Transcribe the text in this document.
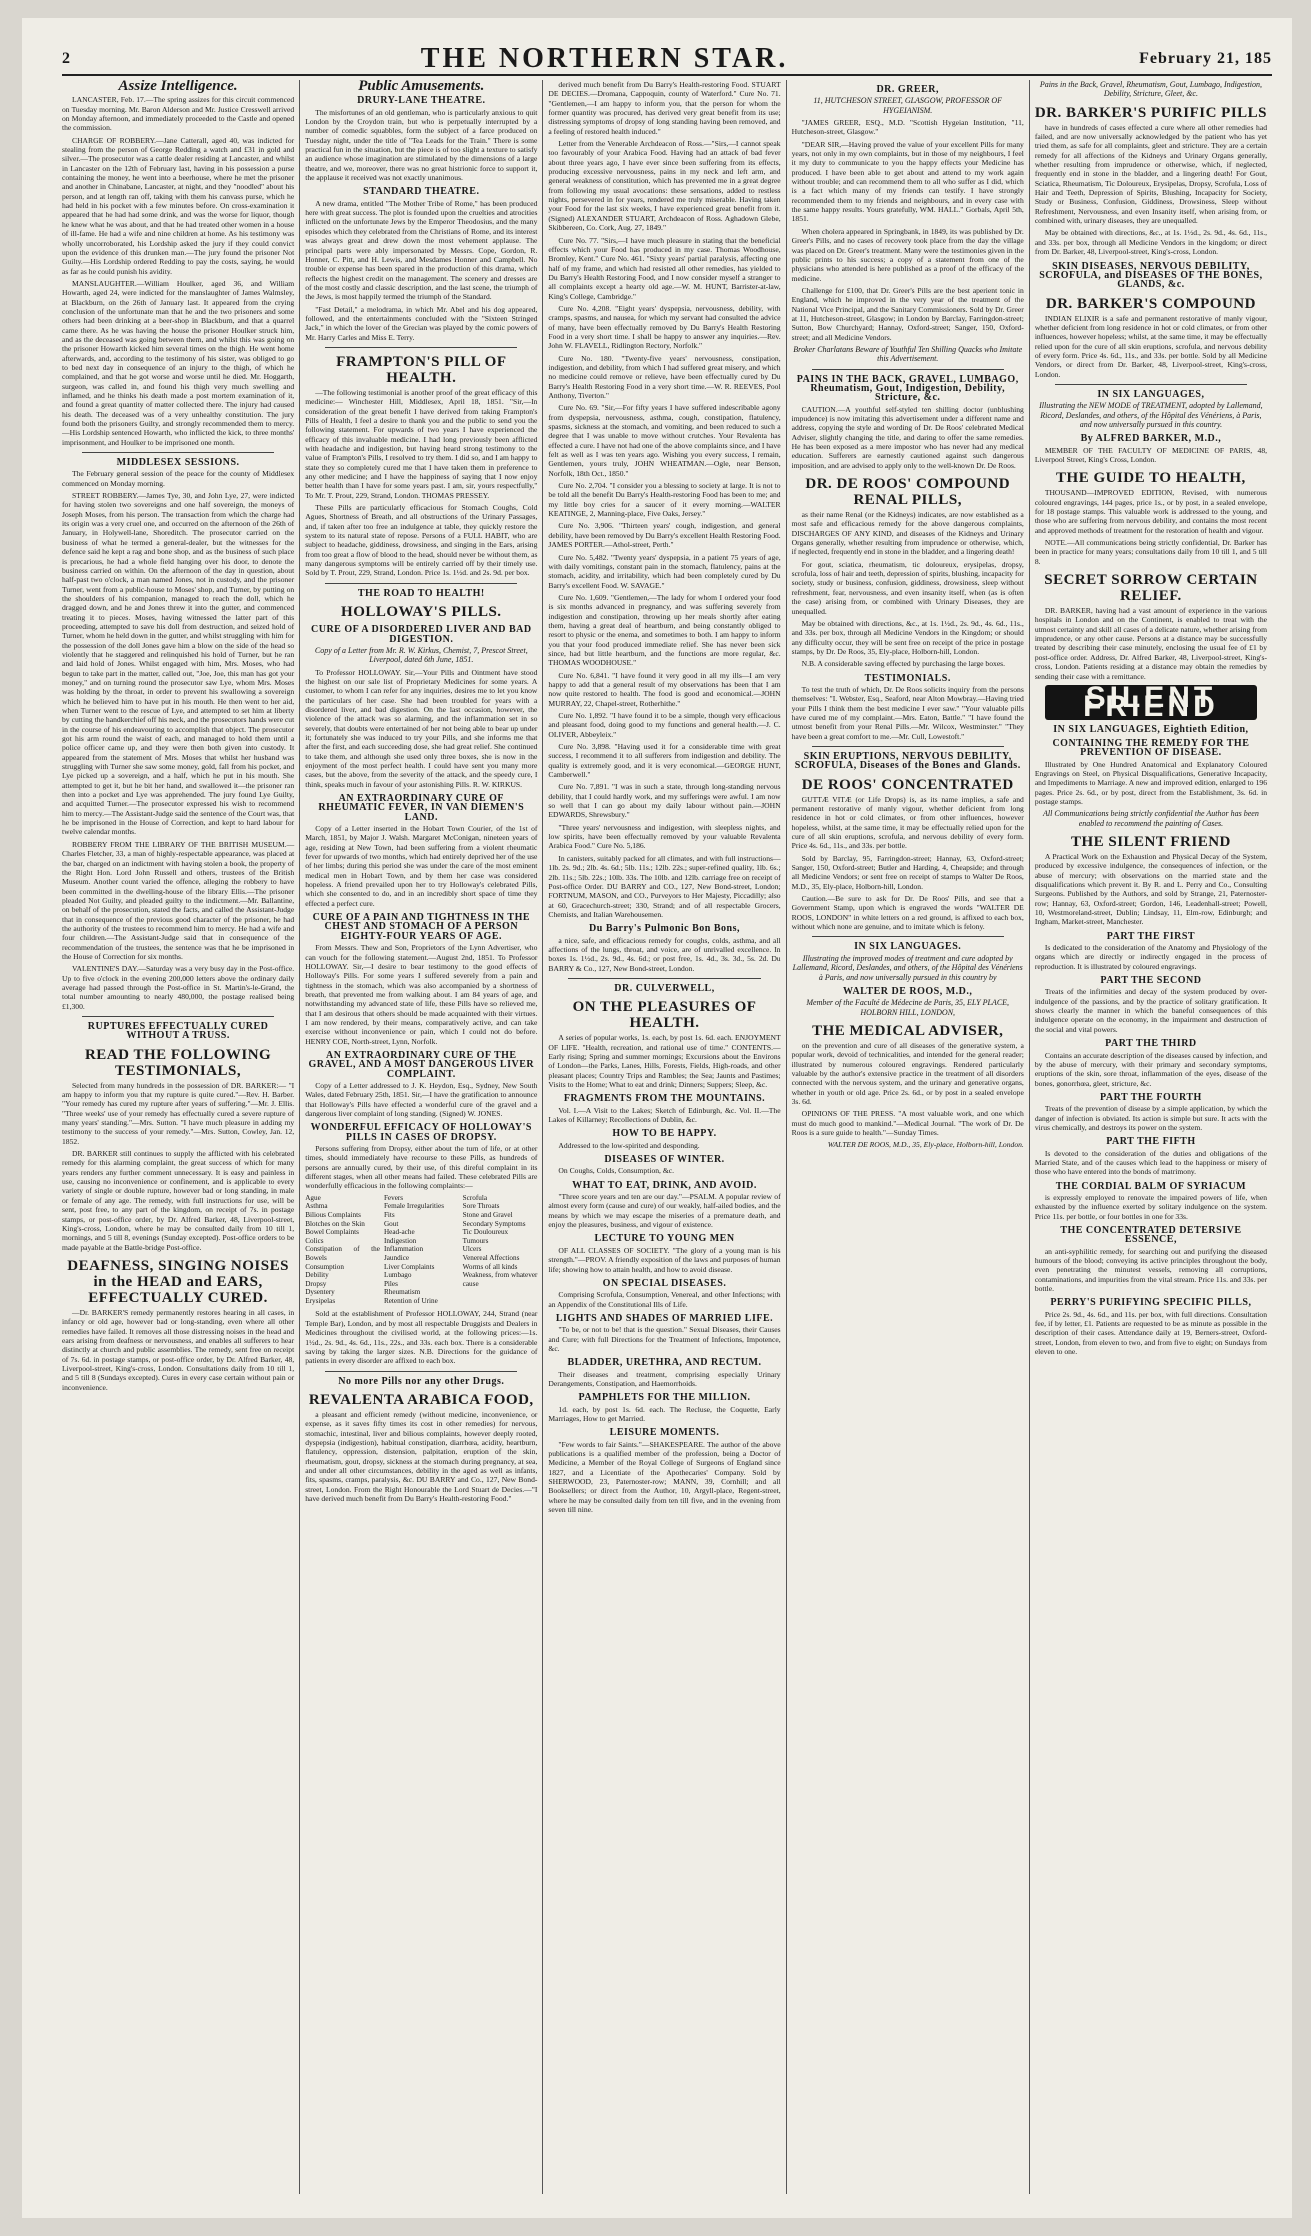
2	THE NORTHERN STAR.	February 21, 185
Assize Intelligence.

LANCASTER, Feb. 17.—The spring assizes for this circuit commenced on Tuesday morning. Mr. Baron Alderson and Mr. Justice Cresswell arrived on Monday afternoon, and immediately proceeded to the Castle and opened the commission.

CHARGE OF ROBBERY.—Jane Catterall, aged 40, was indicted for stealing from the person of George Redding a watch and £31 in gold and silver.—The prosecutor was a cattle dealer residing at Lancaster, and whilst in Lancaster on the 12th of February last, having in his possession a purse containing the money, he went into a beerhouse, where he met the prisoner and another in Chinabane, Lancaster, at night, and they "noodled" about his person, and at length ran off, taking with them his canvass purse, which he had held in his pocket with a few minutes before. On cross-examination it appeared that he had had some drink, and was the worse for liquor, though he knew what he was about, and that he had treated other women in a house of ill-fame. He had a wife and nine children at home. As his testimony was wholly uncorroborated, his Lordship asked the jury if they could convict upon the evidence of this drunken man.—The jury found the prisoner Not Guilty.—His Lordship ordered Redding to pay the costs, saying, he would as far as he could punish his avidity.

MANSLAUGHTER.—William Houlker, aged 36, and William Howarth, aged 24, were indicted for the manslaughter of James Walmsley, at Blackburn, on the 26th of January last. It appeared from the crying conclusion of the unfortunate man that he and the two prisoners and some others had been drinking at a beer-shop in Blackburn, and that a quarrel came there. As he was having the house the prisoner Houlker struck him, and as the deceased was going between them, and whilst this was going on the prisoner Howarth kicked him several times on the thigh. He went home afterwards, and, according to the testimony of his sister, was obliged to go to bed next day in consequence of an injury to the thigh, of which he complained, and that he got worse and worse until he died. Mr. Hoggarth, surgeon, was called in, and found his thigh very much swelling and inflamed, and he thinks his death made a post mortem examination of it, and found a great quantity of matter collected there. The injury had caused his death. The deceased was of a very unhealthy constitution. The jury found both the prisoners Guilty, and strongly recommended them to mercy.—His Lordship sentenced Howarth, who inflicted the kick, to three months' imprisonment, and Houlker to be imprisoned one month.

MIDDLESEX SESSIONS.

The February general session of the peace for the county of Middlesex commenced on Monday morning.

STREET ROBBERY.—James Tye, 30, and John Lye, 27, were indicted for having stolen two sovereigns and one half sovereign, the moneys of Joseph Moses, from his person. The transaction from which the charge had its origin was a very cruel one, and occurred on the afternoon of the 26th of January, in Holywell-lane, Shoreditch. The prosecutor carried on the business of what he termed a general-dealer, but the witnesses for the defence said he kept a rag and bone shop, and as the business of such place is precarious, he had a whole field hanging over his door, to denote the business carried on within. On the afternoon of the day in question, about half-past two o'clock, a man named Jones, not in custody, and the prisoner Turner, went from a public-house to Moses' shop, and Turner, by putting on the shoulders of his companion, managed to reach the doll, which he dragged down, and he and Jones threw it into the gutter, and commenced treating it to pieces. Moses, having witnessed the latter part of this proceeding, attempted to save his doll from destruction, and seized hold of Turner, whom he held down in the gutter, and whilst struggling with him for the possession of the doll Jones gave him a blow on the side of the head so violently that he staggered and relinquished his hold of Turner, but he ran and laid hold of Jones. Whilst engaged with him, Mrs. Moses, who had begun to take part in the matter, called out, "Joe, Joe, this man has got your money," and on turning round the prosecutor saw Lye, whom Mrs. Moses was holding by the throat, in order to prevent his swallowing a sovereign which he believed him to have put in his mouth. He then went to her aid, when Turner went to the rescue of Lye, and attempted to set him at liberty by cutting the handkerchief off his neck, and the prosecutors hands were cut in the course of his endeavouring to accomplish that object. The prosecutor got his arm round the waist of each, and managed to hold them until a police officer came up, and they were then both given into custody. It appeared from the statement of Mrs. Moses that whilst her husband was struggling with Turner she saw some money, gold, fall from his pocket, and Lye picked up a sovereign, and a half, which he put in his mouth. She attempted to get it, but he bit her hand, and swallowed it—the prisoner ran then into a pocket and Lye was apprehended. The jury found Lye Guilty, and acquitted Turner.—The prosecutor expressed his wish to recommend him to mercy.—The Assistant-Judge said the sentence of the Court was, that he be imprisoned in the House of Correction, and kept to hard labour for twelve calendar months.

ROBBERY FROM THE LIBRARY OF THE BRITISH MUSEUM.—Charles Fletcher, 33, a man of highly-respectable appearance, was placed at the bar, charged on an indictment with having stolen a book, the property of the Right Hon. Lord John Russell and others, trustees of the British Museum. Another count varied the offence, alleging the robbery to have been committed in the dwelling-house of the library Ellis.—The prisoner pleaded Not Guilty, and pleaded guilty to the indictment.—Mr. Ballantine, on behalf of the prosecution, stated the facts, and called the Assistant-Judge that in consequence of the previous good character of the prisoner, he had the authority of the trustees to recommend him to mercy. He had a wife and four children.—The Assistant-Judge said that in consequence of the recommendation of the trustees, the sentence was that he be imprisoned in the House of Correction for six months.

VALENTINE'S DAY.—Saturday was a very busy day in the Post-office. Up to five o'clock in the evening 200,000 letters above the ordinary daily average had passed through the Post-office in St. Martin's-le-Grand, the total number amounting to nearly 480,000, the postage realised being £1,300.

RUPTURES EFFECTUALLY CURED WITHOUT A TRUSS.
READ THE FOLLOWING TESTIMONIALS,

Selected from many hundreds in the possession of DR. BARKER:— "I am happy to inform you that my rupture is quite cured."—Rev. H. Barber. "Your remedy has cured my rupture after years of suffering."—Mr. J. Ellis. "Three weeks' use of your remedy has effectually cured a severe rupture of many years' standing."—Mrs. Sutton. "I have much pleasure in adding my testimony to the success of your remedy."—Mrs. Sutton, Cowley, Jan. 12, 1852.

DR. BARKER still continues to supply the afflicted with his celebrated remedy for this alarming complaint, the great success of which for many years renders any further comment unnecessary. It is easy and painless in use, causing no inconvenience or confinement, and is applicable to every variety of single or double rupture, however bad or long standing, in male or female of any age. The remedy, with full instructions for use, will be sent, post free, to any part of the kingdom, on receipt of 7s. in postage stamps, or post-office order, by Dr. Alfred Barker, 48, Liverpool-street, King's-cross, London, where he may be consulted daily from 10 till 1, mornings, and 5 till 8, evenings (Sunday excepted). Post-office orders to be made payable at the Battle-bridge Post-office.

DEAFNESS, SINGING NOISES in the HEAD and EARS, EFFECTUALLY CURED.

—Dr. BARKER'S remedy permanently restores hearing in all cases, in infancy or old age, however bad or long-standing, even where all other remedies have failed. It removes all those distressing noises in the head and ears arising from deafness or nervousness, and enables all sufferers to hear distinctly at church and public assemblies. The remedy, sent free on receipt of 7s. 6d. in postage stamps, or post-office order, by Dr. Alfred Barker, 48, Liverpool-street, King's-cross, London. Consultations daily from 10 till 1, and 5 till 8 (Sundays excepted). Cures in every case certain without pain or inconvenience.

Public Amusements.
DRURY-LANE THEATRE.

The misfortunes of an old gentleman, who is particularly anxious to quit London by the Croydon train, but who is perpetually interrupted by a number of comedic squabbles, form the subject of a farce produced on Tuesday night, under the title of "Tea Leads for the Train." There is some practical fun in the situation, but the piece is of too slight a texture to satisfy an audience whose imagination are stimulated by the dimensions of a large theatre, and we, moreover, there was no great histrionic force to support it, the applause it received was not exactly unanimous.

STANDARD THEATRE.

A new drama, entitled "The Mother Tribe of Rome," has been produced here with great success. The plot is founded upon the cruelties and atrocities inflicted on the unfortunate Jews by the Emperor Theodosius, and the many episodes which they celebrated from the Christians of Rome, and its interest was always great and drew down the most vehement applause. The principal parts were ably impersonated by Messrs. Cope, Gordon, R. Honner, C. Pitt, and H. Lewis, and Mesdames Honner and Campbell. No trouble or expense has been spared in the production of this drama, which reflects the highest credit on the management. The scenery and dresses are of the most costly and classic description, and the last scene, the triumph of the Jews, is most happily termed the triumph of the Standard.

"Fast Detail," a melodrama, in which Mr. Abel and his dog appeared, followed, and the entertainments concluded with the "Sixteen Stringed Jack," in which the lover of the Grecian was played by the comic powers of Mr. Harry Carles and Miss E. Terry.

FRAMPTON'S PILL OF HEALTH.

—The following testimonial is another proof of the great efficacy of this medicine:— Winchester Hill, Middlesex, April 18, 1851. "Sir,—In consideration of the great benefit I have derived from taking Frampton's Pills of Health, I feel a desire to thank you and the public to send you the following statement. For upwards of two years I have experienced the efficacy of this invaluable medicine. I had long previously been afflicted with headache and indigestion, but having heard strong testimony to the value of Frampton's Pills, I resolved to try them. I did so, and I am happy to state they so completely cured me that I have taken them in preference to any other medicine; and I have the happiness of saying that I now enjoy better health than I have for some years past. I am, sir, yours respectfully," To Mr. T. Prout, 229, Strand, London. THOMAS PRESSEY.

These Pills are particularly efficacious for Stomach Coughs, Cold Agues, Shortness of Breath, and all obstructions of the Urinary Passages, and, if taken after too free an indulgence at table, they quickly restore the system to its natural state of repose. Persons of a FULL HABIT, who are subject to headache, giddiness, drowsiness, and singing in the Ears, arising from too great a flow of blood to the head, should never be without them, as many dangerous symptoms will be entirely carried off by their timely use. Sold by T. Prout, 229, Strand, London. Price 1s. 1½d. and 2s. 9d. per box.

THE ROAD TO HEALTH!
HOLLOWAY'S PILLS.
CURE OF A DISORDERED LIVER AND BAD DIGESTION.
Copy of a Letter from Mr. R. W. Kirkus, Chemist, 7, Prescot Street, Liverpool, dated 6th June, 1851.

To Professor HOLLOWAY. Sir,—Your Pills and Ointment have stood the highest on our sale list of Proprietary Medicines for some years. A customer, to whom I can refer for any inquiries, desires me to let you know the particulars of her case. She had been troubled for years with a disordered liver, and bad digestion. On the last occasion, however, the violence of the attack was so alarming, and the inflammation set in so severely, that doubts were entertained of her not being able to bear up under it; fortunately she was induced to try your Pills, and she informs me that after the first, and each succeeding dose, she had great relief. She continued to take them, and although she used only three boxes, she is now in the enjoyment of the most perfect health. I could have sent you many more cases, but the above, from the severity of the attack, and the speedy cure, I think, speaks much in favour of your astonishing Pills. R. W. KIRKUS.

AN EXTRAORDINARY CURE OF RHEUMATIC FEVER, IN VAN DIEMEN'S LAND.

Copy of a Letter inserted in the Hobart Town Courier, of the 1st of March, 1851, by Major J. Walsh. Margaret McConigan, nineteen years of age, residing at New Town, had been suffering from a violent rheumatic fever for upwards of two months, which had entirely deprived her of the use of her limbs; during this period she was under the care of the most eminent medical men in Hobart Town, and by them her case was considered hopeless. A friend prevailed upon her to try Holloway's celebrated Pills, which she consented to do, and in an incredibly short space of time they effected a perfect cure.

CURE OF A PAIN AND TIGHTNESS IN THE CHEST AND STOMACH OF A PERSON EIGHTY-FOUR YEARS OF AGE.

From Messrs. Thew and Son, Proprietors of the Lynn Advertiser, who can vouch for the following statement.—August 2nd, 1851. To Professor HOLLOWAY. Sir,—I desire to bear testimony to the good effects of Holloway's Pills. For some years I suffered severely from a pain and tightness in the stomach, which was also accompanied by a shortness of breath, that prevented me from walking about. I am 84 years of age, and notwithstanding my advanced state of life, these Pills have so relieved me, that I am desirous that others should be made acquainted with their virtues. I am now rendered, by their means, comparatively active, and can take exercise without inconvenience or pain, which I could not do before. HENRY COE, North-street, Lynn, Norfolk.

AN EXTRAORDINARY CURE OF THE GRAVEL, AND A MOST DANGEROUS LIVER COMPLAINT.

Copy of a Letter addressed to J. K. Heydon, Esq., Sydney, New South Wales, dated February 25th, 1851. Sir,—I have the gratification to announce that Holloway's Pills have effected a wonderful cure of the gravel and a dangerous liver complaint of long standing. (Signed) W. JONES.

WONDERFUL EFFICACY OF HOLLOWAY'S PILLS IN CASES OF DROPSY.

Persons suffering from Dropsy, either about the turn of life, or at other times, should immediately have recourse to these Pills, as hundreds of persons are annually cured, by their use, of this direful complaint in its different stages, when all other means had failed. These celebrated Pills are wonderfully efficacious in the following complaints:—

Ague
Asthma
Bilious Complaints
Blotches on the Skin
Bowel Complaints
Colics
Constipation of the Bowels
Consumption
Debility
Dropsy
Dysentery
Erysipelas
Fevers
Female Irregularities
Fits
Gout
Head-ache
Indigestion
Inflammation
Jaundice
Liver Complaints
Lumbago
Piles
Rheumatism
Retention of Urine
Scrofula
Sore Throats
Stone and Gravel
Secondary Symptoms
Tic Douloureux
Tumours
Ulcers
Venereal Affections
Worms of all kinds
Weakness, from whatever cause

Sold at the establishment of Professor HOLLOWAY, 244, Strand (near Temple Bar), London, and by most all respectable Druggists and Dealers in Medicines throughout the civilised world, at the following prices:—1s. 1½d., 2s. 9d., 4s. 6d., 11s., 22s., and 33s. each box. There is a considerable saving by taking the larger sizes. N.B. Directions for the guidance of patients in every disorder are affixed to each box.

No more Pills nor any other Drugs.
REVALENTA ARABICA FOOD,

a pleasant and efficient remedy (without medicine, inconvenience, or expense, as it saves fifty times its cost in other remedies) for nervous, stomachic, intestinal, liver and bilious complaints, however deeply rooted, dyspepsia (indigestion), habitual constipation, diarrhœa, acidity, heartburn, flatulency, oppression, distension, palpitation, eruption of the skin, rheumatism, gout, dropsy, sickness at the stomach during pregnancy, at sea, and under all other circumstances, debility in the aged as well as infants, fits, spasms, cramps, paralysis, &c. DU BARRY and Co., 127, New Bond-street, London. From the Right Honourable the Lord Stuart de Decies.—"I have derived much benefit from Du Barry's Health-restoring Food."

derived much benefit from Du Barry's Health-restoring Food. STUART DE DECIES.—Dromana, Cappoquin, county of Waterford." Cure No. 71. "Gentlemen,—I am happy to inform you, that the person for whom the former quantity was procured, has derived very great benefit from its use; distressing symptoms of dropsy of long standing having been removed, and a feeling of restored health induced."

Letter from the Venerable Archdeacon of Ross.—"Sirs,—I cannot speak too favourably of your Arabica Food. Having had an attack of bad fever about three years ago, I have ever since been suffering from its effects, producing excessive nervousness, pains in my neck and left arm, and general weakness of constitution, which has prevented me in a great degree from following my usual avocations: these sensations, added to restless nights, persevered in for years, rendered me truly miserable. Having taken your Food for the last six weeks, I have experienced great benefit from it. (Signed) ALEXANDER STUART, Archdeacon of Ross. Aghadown Glebe, Skibbereen, Co. Cork, Aug. 27, 1849."

Cure No. 77. "Sirs,—I have much pleasure in stating that the beneficial effects which your Food has produced in my case. Thomas Woodhouse, Bromley, Kent." Cure No. 461. "Sixty years' partial paralysis, affecting one half of my frame, and which had resisted all other remedies, has yielded to Du Barry's Health Restoring Food, and I now consider myself a stranger to all complaints except a hearty old age.—W. M. HUNT, Barrister-at-law, King's College, Cambridge."

Cure No. 4,208. "Eight years' dyspepsia, nervousness, debility, with cramps, spasms, and nausea, for which my servant had consulted the advice of many, have been effectually removed by Du Barry's Health Restoring Food in a very short time. I shall be happy to answer any inquiries.—Rev. John W. FLAVELL, Ridlington Rectory, Norfolk."

Cure No. 180. "Twenty-five years' nervousness, constipation, indigestion, and debility, from which I had suffered great misery, and which no medicine could remove or relieve, have been effectually cured by Du Barry's Health Restoring Food in a very short time.—W. R. REEVES, Pool Anthony, Tiverton."

Cure No. 69. "Sir,—For fifty years I have suffered indescribable agony from dyspepsia, nervousness, asthma, cough, constipation, flatulency, spasms, sickness at the stomach, and vomiting, and been reduced to such a degree that I was unable to move without crutches. Your Revalenta has effected a cure. I have not had one of the above complaints since, and I have felt as well as I was ten years ago. Wishing you every success, I remain, Gentlemen, yours truly, JOHN WHEATMAN.—Ogle, near Benson, Norfolk, 18th Oct., 1850."

Cure No. 2,704. "I consider you a blessing to society at large. It is not to be told all the benefit Du Barry's Health-restoring Food has been to me; and my little boy cries for a saucer of it every morning.—WALTER KEATINGE, 2, Manning-place, Five Oaks, Jersey."

Cure No. 3,906. "Thirteen years' cough, indigestion, and general debility, have been removed by Du Barry's excellent Health Restoring Food. JAMES PORTER.—Athol-street, Perth."

Cure No. 5,482. "Twenty years' dyspepsia, in a patient 75 years of age, with daily vomitings, constant pain in the stomach, flatulency, pains at the stomach, acidity, and irritability, which had been completely cured by Du Barry's excellent Food. W. SAVAGE."

Cure No. 1,609. "Gentlemen,—The lady for whom I ordered your food is six months advanced in pregnancy, and was suffering severely from indigestion and constipation, throwing up her meals shortly after eating them, having a great deal of heartburn, and being constantly obliged to resort to physic or the enema, and sometimes to both. I am happy to inform you that your food produced immediate relief. She has never been sick since, had but little heartburn, and the functions are more regular, &c. THOMAS WOODHOUSE."

Cure No. 6,841. "I have found it very good in all my ills—I am very happy to add that a general result of my observations has been that I am now quite restored to health. The food is good and economical.—JOHN MURRAY, 22, Chapel-street, Rotherhithe."

Cure No. 1,892. "I have found it to be a simple, though very efficacious and pleasant food, doing good to my functions and general health.—J. C. OLIVER, Abbeyleix."

Cure No. 3,898. "Having used it for a considerable time with great success, I recommend it to all sufferers from indigestion and debility. The quality is extremely good, and it is very economical.—GEORGE HUNT, Camberwell."

Cure No. 7,891. "I was in such a state, through long-standing nervous debility, that I could hardly work, and my sufferings were awful. I am now so well that I can go about my daily labour without pain.—JOHN EDWARDS, Shrewsbury."

"Three years' nervousness and indigestion, with sleepless nights, and low spirits, have been effectually removed by your valuable Revalenta Arabica Food." Cure No. 5,186.

In canisters, suitably packed for all climates, and with full instructions—1lb. 2s. 9d.; 2lb. 4s. 6d.; 5lb. 11s.; 12lb. 22s.; super-refined quality, 1lb. 6s.; 2lb. 11s.; 5lb. 22s.; 10lb. 33s. The 10lb. and 12lb. carriage free on receipt of Post-office Order. DU BARRY and CO., 127, New Bond-street, London; FORTNUM, MASON, and CO., Purveyors to Her Majesty, Piccadilly; also at 60, Gracechurch-street; 330, Strand; and of all respectable Grocers, Chemists, and Italian Warehousemen.

Du Barry's Pulmonic Bon Bons,

a nice, safe, and efficacious remedy for coughs, colds, asthma, and all affections of the lungs, throat, and voice, are of unrivalled excellence. In boxes 1s. 1½d., 2s. 9d., 4s. 6d.; or post free, 1s. 4d., 3s. 3d., 5s. 2d. Du BARRY & Co., 127, New Bond-street, London.

DR. CULVERWELL,
ON THE PLEASURES OF HEALTH.

A series of popular works, 1s. each, by post 1s. 6d. each. ENJOYMENT OF LIFE. "Health, recreation, and rational use of time." CONTENTS.—Early rising; Spring and summer mornings; Excursions about the Environs of London—the Parks, Lanes, Hills, Forests, Fields, High-roads, and other pleasant places; Country Trips and Rambles; the Sea; Jaunts and Pastimes; Visits to the Home; What to eat and drink; Dinners; Suppers; Sleep, &c.

FRAGMENTS FROM THE MOUNTAINS.

Vol. I.—A Visit to the Lakes; Sketch of Edinburgh, &c. Vol. II.—The Lakes of Killarney; Recollections of Dublin, &c.

HOW TO BE HAPPY.

Addressed to the low-spirited and desponding.

DISEASES OF WINTER.

On Coughs, Colds, Consumption, &c.

WHAT TO EAT, DRINK, AND AVOID.

"Three score years and ten are our day."—PSALM. A popular review of almost every form (cause and cure) of our weakly, half-ailed bodies, and the means by which we may escape the miseries of a premature death, and enjoy the pleasures, business, and vigour of existence.

LECTURE TO YOUNG MEN

OF ALL CLASSES OF SOCIETY. "The glory of a young man is his strength."—PROV. A friendly exposition of the laws and purposes of human life; showing how to attain health, and how to avoid disease.

ON SPECIAL DISEASES.

Comprising Scrofula, Consumption, Venereal, and other Infections; with an Appendix of the Constitutional Ills of Life.

LIGHTS AND SHADES OF MARRIED LIFE.

"To be, or not to be! that is the question." Sexual Diseases, their Causes and Cure; with full Directions for the Treatment of Infections, Impotence, &c.

BLADDER, URETHRA, AND RECTUM.

Their diseases and treatment, comprising especially Urinary Derangements, Constipation, and Haemorrhoids.

PAMPHLETS FOR THE MILLION.

1d. each, by post 1s. 6d. each. The Recluse, the Coquette, Early Marriages, How to get Married.

LEISURE MOMENTS.

"Few words to fair Saints."—SHAKESPEARE. The author of the above publications is a qualified member of the profession, being a Doctor of Medicine, a Member of the Royal College of Surgeons of England since 1827, and a Licentiate of the Apothecaries' Company. Sold by SHERWOOD, 23, Paternoster-row; MANN, 39, Cornhill; and all Booksellers; or direct from the Author, 10, Argyll-place, Regent-street, where he may be consulted daily from ten till five, and in the evening from seven till nine.

DR. GREER,
11, HUTCHESON STREET, GLASGOW, PROFESSOR OF HYGEIANISM.

"JAMES GREER, ESQ., M.D. "Scottish Hygeian Institution, "11, Hutcheson-street, Glasgow."

"DEAR SIR,—Having proved the value of your excellent Pills for many years, not only in my own complaints, but in those of my neighbours, I feel it my duty to communicate to you the happy effects your Medicine has produced. I have been able to get about and attend to my work again without trouble; and can recommend them to all who suffer as I did, which is a fact which many of my friends can testify. I have strongly recommended them to my friends and neighbours, and in every case with the same happy results. Yours gratefully, WM. HALL." Gorbals, April 5th, 1851.

When cholera appeared in Springbank, in 1849, its was published by Dr. Greer's Pills, and no cases of recovery took place from the day the village was placed on Dr. Greer's treatment. Many were the testimonies given in the public prints to his success; a copy of a statement from one of the physicians who attended is here published as a proof of the efficacy of the medicine.

Challenge for £100, that Dr. Greer's Pills are the best aperient tonic in England, which he improved in the very year of the treatment of the National Vice Principal, and the Sanitary Commissioners. Sold by Dr. Greer at 11, Hutcheson-street, Glasgow; in London by Barclay, Farringdon-street; Sutton, Bow Churchyard; Hannay, Oxford-street; Sanger, 150, Oxford-street; and all Medicine Vendors.

Broker Charlatans Beware of Youthful Ten Shilling Quacks who Imitate this Advertisement.
PAINS IN THE BACK, GRAVEL, LUMBAGO, Rheumatism, Gout, Indigestion, Debility, Stricture, &c.

CAUTION.—A youthful self-styled ten shilling doctor (unblushing impudence) is now imitating this advertisement under a different name and address, copying the style and wording of Dr. De Roos' celebrated Medical Adviser, slightly changing the title, and daring to offer the same remedies. He has been exposed as a mere impostor who has never had any medical education. Sufferers are earnestly cautioned against such dangerous imposition, and are advised to apply only to the well-known Dr. De Roos.

DR. DE ROOS' COMPOUND RENAL PILLS,

as their name Renal (or the Kidneys) indicates, are now established as a most safe and efficacious remedy for the above dangerous complaints, DISCHARGES OF ANY KIND, and diseases of the Kidneys and Urinary Organs generally, whether resulting from imprudence or otherwise, which, if neglected, frequently end in stone in the bladder, and a lingering death!

For gout, sciatica, rheumatism, tic doloureux, erysipelas, dropsy, scrofula, loss of hair and teeth, depression of spirits, blushing, incapacity for society, study or business, confusion, giddiness, drowsiness, sleep without refreshment, fear, nervousness, and even insanity itself, when (as is often the case) arising from, or combined with Urinary Diseases, they are unequalled.

May be obtained with directions, &c., at 1s. 1½d., 2s. 9d., 4s. 6d., 11s., and 33s. per box, through all Medicine Vendors in the Kingdom; or should any difficulty occur, they will be sent free on receipt of the price in postage stamps, by Dr. De Roos, 35, Ely-place, Holborn-hill, London.

N.B. A considerable saving effected by purchasing the large boxes.

TESTIMONIALS.

To test the truth of which, Dr. De Roos solicits inquiry from the persons themselves: "I. Webster, Esq., Seaford, near Alton Mowbray.—Having tried your Pills I think them the best medicine I ever saw." "Your valuable pills have cured me of my complaint.—Mrs. Eaton, Battle." "I have found the utmost benefit from your Renal Pills.—Mr. Wilcox, Westminster." "They have been a great comfort to me.—Mr. Cull, Lowestoft."

SKIN ERUPTIONS, NERVOUS DEBILITY, SCROFULA, Diseases of the Bones and Glands.
DE ROOS' CONCENTRATED

GUTTÆ VITÆ (or Life Drops) is, as its name implies, a safe and permanent restorative of manly vigour, whether deficient from long residence in hot or cold climates, or from other influences, however hopeless, whilst, at the same time, it may be effectually relied upon for the cure of all skin eruptions, scrofula, and nervous debility of every form. Price 4s. 6d., 11s., and 33s. per bottle.

Sold by Barclay, 95, Farringdon-street; Hannay, 63, Oxford-street; Sanger, 150, Oxford-street; Butler and Harding, 4, Cheapside; and through all Medicine Vendors; or sent free on receipt of stamps to Walter De Roos, M.D., 35, Ely-place, Holborn-hill, London.

Caution.—Be sure to ask for Dr. De Roos' Pills, and see that a Government Stamp, upon which is engraved the words "WALTER DE ROOS, LONDON" in white letters on a red ground, is affixed to each box, without which none are genuine, and to imitate which is felony.

IN SIX LANGUAGES.
Illustrating the improved modes of treatment and cure adopted by Lallemand, Ricord, Deslandes, and others, of the Hôpital des Vénériens à Paris, and now universally pursued in this country by
WALTER DE ROOS, M.D.,
Member of the Faculté de Médecine de Paris, 35, ELY PLACE, HOLBORN HILL, LONDON,
THE MEDICAL ADVISER,

on the prevention and cure of all diseases of the generative system, a popular work, devoid of technicalities, and intended for the general reader; illustrated by numerous coloured engravings. Rendered particularly valuable by the author's extensive practice in the treatment of all disorders connected with the nervous system, and the urinary and generative organs, whether in youth or old age. Price 2s. 6d., or by post in a sealed envelope 3s. 6d.

OPINIONS OF THE PRESS. "A most valuable work, and one which must do much good to mankind."—Medical Journal. "The work of Dr. De Roos is a sure guide to health."—Sunday Times.

WALTER DE ROOS, M.D., 35, Ely-place, Holborn-hill, London.
Pains in the Back, Gravel, Rheumatism, Gout, Lumbago, Indigestion, Debility, Stricture, Gleet, &c.
DR. BARKER'S PURIFIC PILLS

have in hundreds of cases effected a cure where all other remedies had failed, and are now universally acknowledged by the patient who has yet tried them, as safe for all complaints, gleet and stricture. They are a certain remedy for all affections of the Kidneys and Urinary Organs generally, whether resulting from imprudence or otherwise, which, if neglected, frequently end in stone in the bladder, and a lingering death! For Gout, Sciatica, Rheumatism, Tic Doloureux, Erysipelas, Dropsy, Scrofula, Loss of Hair and Teeth, Depression of Spirits, Blushing, Incapacity for Society, Study or Business, Confusion, Giddiness, Drowsiness, Sleep without Refreshment, Nervousness, and even Insanity itself, when arising from, or combined with, urinary diseases, they are unequalled.

May be obtained with directions, &c., at 1s. 1½d., 2s. 9d., 4s. 6d., 11s., and 33s. per box, through all Medicine Vendors in the kingdom; or direct from Dr. Barker, 48, Liverpool-street, King's-cross, London.

SKIN DISEASES, NERVOUS DEBILITY, SCROFULA, and DISEASES OF THE BONES, GLANDS, &c.
DR. BARKER'S COMPOUND

INDIAN ELIXIR is a safe and permanent restorative of manly vigour, whether deficient from long residence in hot or cold climates, or from other influences, however hopeless; whilst, at the same time, it may be effectually relied upon for the cure of all skin eruptions, scrofula, and nervous debility of every form. Price 4s. 6d., 11s., and 33s. per bottle. Sold by all Medicine Vendors, or direct from Dr. Barker, 48, Liverpool-street, King's-cross, London.

IN SIX LANGUAGES,
Illustrating the NEW MODE of TREATMENT, adopted by Lallemand, Ricord, Deslandes, and others, of the Hôpital des Vénériens, à Paris, and now universally pursued in this country.
By ALFRED BARKER, M.D.,

MEMBER OF THE FACULTY OF MEDICINE OF PARIS, 48, Liverpool Street, King's Cross, London.

THE GUIDE TO HEALTH,

THOUSAND—IMPROVED EDITION, Revised, with numerous coloured engravings, 144 pages, price 1s., or by post, in a sealed envelope, for 18 postage stamps. This valuable work is addressed to the young, and those who are suffering from nervous debility, and contains the most recent and approved methods of treatment for the restoration of health and vigour.

NOTE.—All communications being strictly confidential, Dr. Barker has been in practice for many years; consultations daily from 10 till 1, and 5 till 8.

SECRET SORROW CERTAIN RELIEF.

DR. BARKER, having had a vast amount of experience in the various hospitals in London and on the Continent, is enabled to treat with the utmost certainty and skill all cases of a delicate nature, whether arising from imprudence, or any other cause. Persons at a distance may be successfully treated by describing their case minutely, enclosing the usual fee of £1 by post-office order. Address, Dr. Alfred Barker, 48, Liverpool-street, King's-cross, London. Patients residing at a distance may obtain the remedies by sending their case with a remittance.

SILENT FRIEND
IN SIX LANGUAGES, Eightieth Edition,
CONTAINING THE REMEDY FOR THE PREVENTION OF DISEASE.

Illustrated by One Hundred Anatomical and Explanatory Coloured Engravings on Steel, on Physical Disqualifications, Generative Incapacity, and Impediments to Marriage. A new and improved edition, enlarged to 196 pages. Price 2s. 6d., or by post, direct from the Establishment, 3s. 6d. in postage stamps.

All Communications being strictly confidential the Author has been enabled to recommend the painting of Cases.
THE SILENT FRIEND

A Practical Work on the Exhaustion and Physical Decay of the System, produced by excessive indulgence, the consequences of infection, or the abuse of mercury; with observations on the married state and the disqualifications which prevent it. By R. and L. Perry and Co., Consulting Surgeons. Published by the Authors, and sold by Strange, 21, Paternoster-row; Hannay, 63, Oxford-street; Gordon, 146, Leadenhall-street; Powell, 10, Westmoreland-street, Dublin; Lindsay, 11, Elm-row, Edinburgh; and Ingham, Market-street, Manchester.

PART THE FIRST

Is dedicated to the consideration of the Anatomy and Physiology of the organs which are directly or indirectly engaged in the process of reproduction. It is illustrated by coloured engravings.

PART THE SECOND

Treats of the infirmities and decay of the system produced by over-indulgence of the passions, and by the practice of solitary gratification. It shows clearly the manner in which the baneful consequences of this indulgence operate on the economy, in the impairment and destruction of the social and vital powers.

PART THE THIRD

Contains an accurate description of the diseases caused by infection, and by the abuse of mercury, with their primary and secondary symptoms, eruptions of the skin, sore throat, inflammation of the eyes, disease of the bones, gonorrhœa, gleet, stricture, &c.

PART THE FOURTH

Treats of the prevention of disease by a simple application, by which the danger of infection is obviated. Its action is simple but sure. It acts with the virus chemically, and destroys its power on the system.

PART THE FIFTH

Is devoted to the consideration of the duties and obligations of the Married State, and of the causes which lead to the happiness or misery of those who have entered into the bonds of matrimony.

THE CORDIAL BALM OF SYRIACUM

is expressly employed to renovate the impaired powers of life, when exhausted by the influence exerted by solitary indulgence on the system. Price 11s. per bottle, or four bottles in one for 33s.

THE CONCENTRATED DETERSIVE ESSENCE,

an anti-syphilitic remedy, for searching out and purifying the diseased humours of the blood; conveying its active principles throughout the body, even penetrating the minutest vessels, removing all corruptions, contaminations, and impurities from the vital stream. Price 11s. and 33s. per bottle.

PERRY'S PURIFYING SPECIFIC PILLS,

Price 2s. 9d., 4s. 6d., and 11s. per box, with full directions. Consultation fee, if by letter, £1. Patients are requested to be as minute as possible in the description of their cases. Attendance daily at 19, Berners-street, Oxford-street, London, from eleven to two, and from five to eight; on Sundays from eleven to one.
